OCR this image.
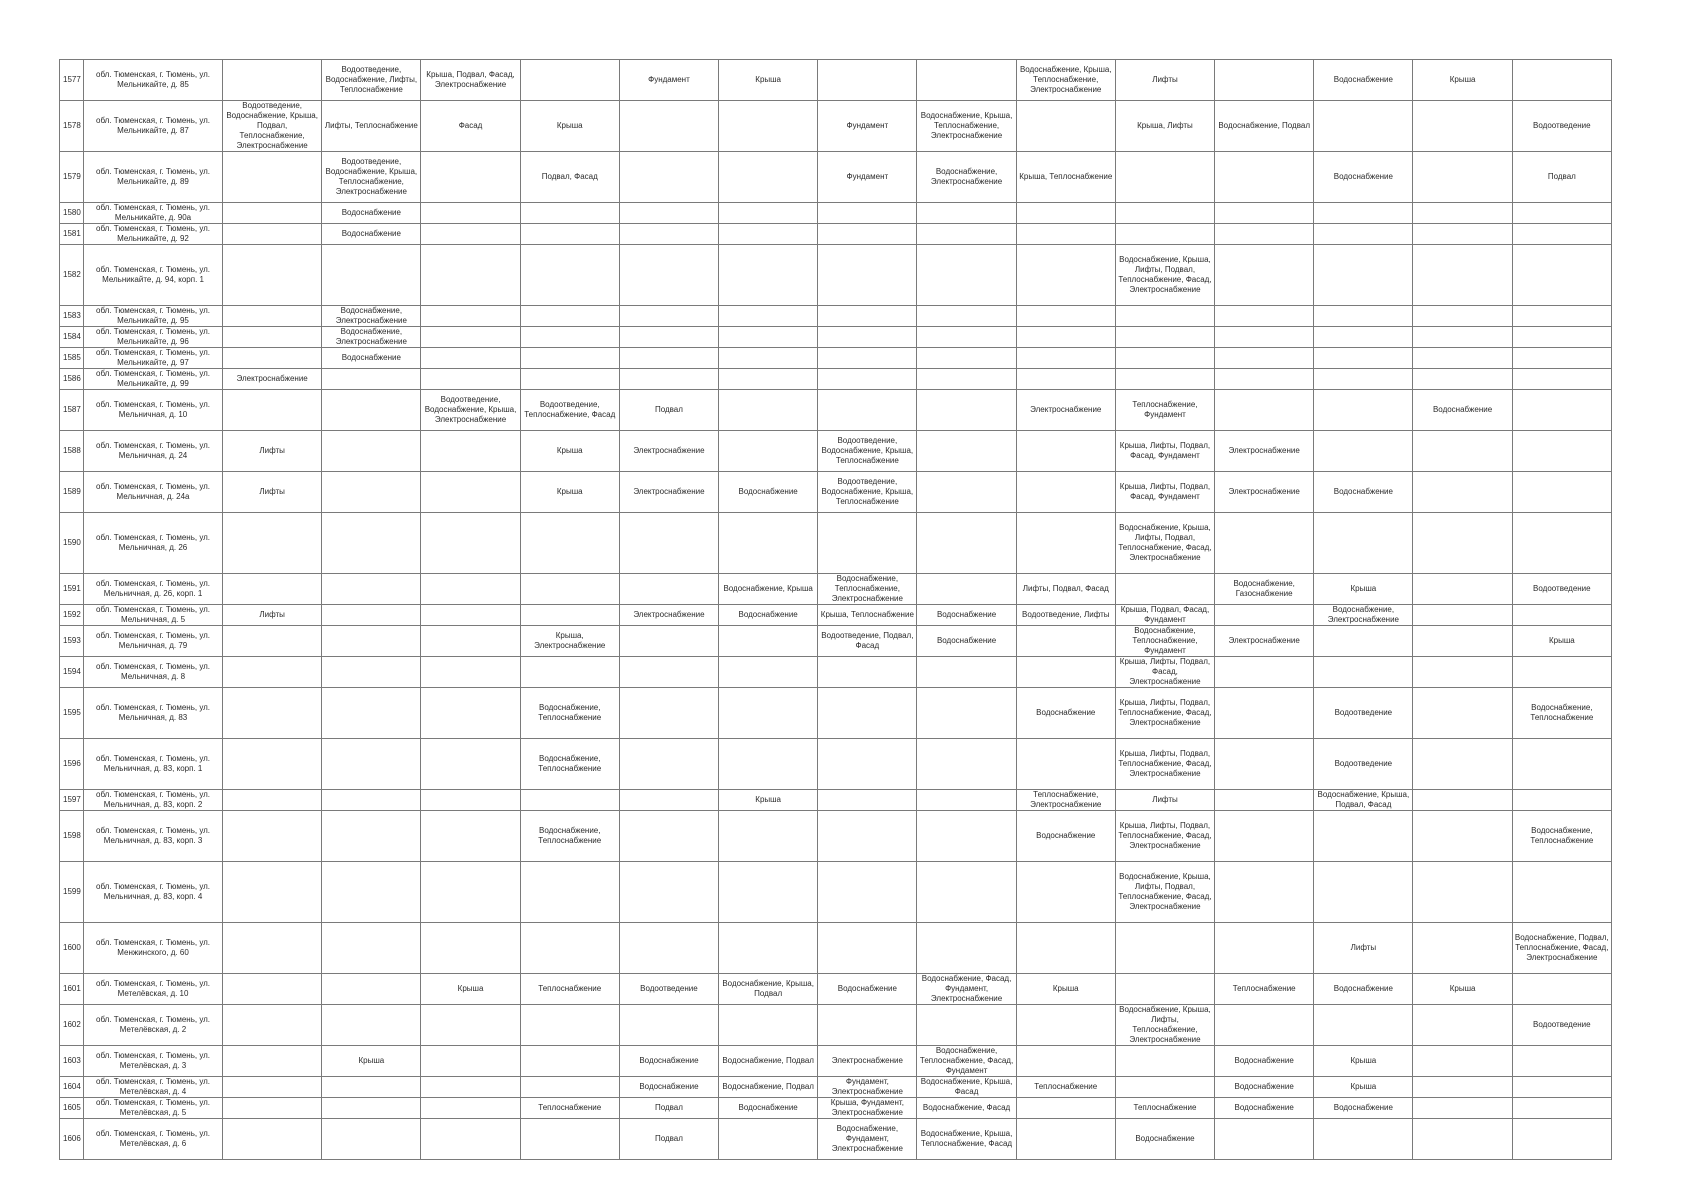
1577	обл. Тюменская, г. Тюмень, ул. Мельникайте, д. 85		Водоотведение, Водоснабжение, Лифты, Теплоснабжение	Крыша, Подвал, Фасад, Электроснабжение		Фундамент	Крыша			Водоснабжение, Крыша, Теплоснабжение, Электроснабжение	Лифты		Водоснабжение	Крыша	
1578	обл. Тюменская, г. Тюмень, ул. Мельникайте, д. 87	Водоотведение, Водоснабжение, Крыша, Подвал, Теплоснабжение, Электроснабжение	Лифты, Теплоснабжение	Фасад	Крыша			Фундамент	Водоснабжение, Крыша, Теплоснабжение, Электроснабжение		Крыша, Лифты	Водоснабжение, Подвал			Водоотведение
1579	обл. Тюменская, г. Тюмень, ул. Мельникайте, д. 89		Водоотведение, Водоснабжение, Крыша, Теплоснабжение, Электроснабжение		Подвал, Фасад			Фундамент	Водоснабжение, Электроснабжение	Крыша, Теплоснабжение			Водоснабжение		Подвал
1580	обл. Тюменская, г. Тюмень, ул. Мельникайте, д. 90а		Водоснабжение												
1581	обл. Тюменская, г. Тюмень, ул. Мельникайте, д. 92		Водоснабжение												
1582	обл. Тюменская, г. Тюмень, ул. Мельникайте, д. 94, корп. 1										Водоснабжение, Крыша, Лифты, Подвал, Теплоснабжение, Фасад, Электроснабжение				
1583	обл. Тюменская, г. Тюмень, ул. Мельникайте, д. 95		Водоснабжение, Электроснабжение												
1584	обл. Тюменская, г. Тюмень, ул. Мельникайте, д. 96		Водоснабжение, Электроснабжение												
1585	обл. Тюменская, г. Тюмень, ул. Мельникайте, д. 97		Водоснабжение												
1586	обл. Тюменская, г. Тюмень, ул. Мельникайте, д. 99	Электроснабжение													
1587	обл. Тюменская, г. Тюмень, ул. Мельничная, д. 10			Водоотведение, Водоснабжение, Крыша, Электроснабжение	Водоотведение, Теплоснабжение, Фасад	Подвал				Электроснабжение	Теплоснабжение, Фундамент			Водоснабжение	
1588	обл. Тюменская, г. Тюмень, ул. Мельничная, д. 24	Лифты			Крыша	Электроснабжение		Водоотведение, Водоснабжение, Крыша, Теплоснабжение			Крыша, Лифты, Подвал, Фасад, Фундамент	Электроснабжение			
1589	обл. Тюменская, г. Тюмень, ул. Мельничная, д. 24а	Лифты			Крыша	Электроснабжение	Водоснабжение	Водоотведение, Водоснабжение, Крыша, Теплоснабжение			Крыша, Лифты, Подвал, Фасад, Фундамент	Электроснабжение	Водоснабжение		
1590	обл. Тюменская, г. Тюмень, ул. Мельничная, д. 26										Водоснабжение, Крыша, Лифты, Подвал, Теплоснабжение, Фасад, Электроснабжение				
1591	обл. Тюменская, г. Тюмень, ул. Мельничная, д. 26, корп. 1						Водоснабжение, Крыша	Водоснабжение, Теплоснабжение, Электроснабжение		Лифты, Подвал, Фасад		Водоснабжение, Газоснабжение	Крыша		Водоотведение
1592	обл. Тюменская, г. Тюмень, ул. Мельничная, д. 5	Лифты				Электроснабжение	Водоснабжение	Крыша, Теплоснабжение	Водоснабжение	Водоотведение, Лифты	Крыша, Подвал, Фасад, Фундамент		Водоснабжение, Электроснабжение		
1593	обл. Тюменская, г. Тюмень, ул. Мельничная, д. 79				Крыша, Электроснабжение			Водоотведение, Подвал, Фасад	Водоснабжение		Водоснабжение, Теплоснабжение, Фундамент	Электроснабжение			Крыша
1594	обл. Тюменская, г. Тюмень, ул. Мельничная, д. 8										Крыша, Лифты, Подвал, Фасад, Электроснабжение				
1595	обл. Тюменская, г. Тюмень, ул. Мельничная, д. 83				Водоснабжение, Теплоснабжение					Водоснабжение	Крыша, Лифты, Подвал, Теплоснабжение, Фасад, Электроснабжение		Водоотведение		Водоснабжение, Теплоснабжение
1596	обл. Тюменская, г. Тюмень, ул. Мельничная, д. 83, корп. 1				Водоснабжение, Теплоснабжение						Крыша, Лифты, Подвал, Теплоснабжение, Фасад, Электроснабжение		Водоотведение		
1597	обл. Тюменская, г. Тюмень, ул. Мельничная, д. 83, корп. 2						Крыша			Теплоснабжение, Электроснабжение	Лифты		Водоснабжение, Крыша, Подвал, Фасад		
1598	обл. Тюменская, г. Тюмень, ул. Мельничная, д. 83, корп. 3				Водоснабжение, Теплоснабжение					Водоснабжение	Крыша, Лифты, Подвал, Теплоснабжение, Фасад, Электроснабжение				Водоснабжение, Теплоснабжение
1599	обл. Тюменская, г. Тюмень, ул. Мельничная, д. 83, корп. 4										Водоснабжение, Крыша, Лифты, Подвал, Теплоснабжение, Фасад, Электроснабжение				
1600	обл. Тюменская, г. Тюмень, ул. Менжинского, д. 60												Лифты		Водоснабжение, Подвал, Теплоснабжение, Фасад, Электроснабжение
1601	обл. Тюменская, г. Тюмень, ул. Метелёвская, д. 10			Крыша	Теплоснабжение	Водоотведение	Водоснабжение, Крыша, Подвал	Водоснабжение	Водоснабжение, Фасад, Фундамент, Электроснабжение	Крыша		Теплоснабжение	Водоснабжение	Крыша	
1602	обл. Тюменская, г. Тюмень, ул. Метелёвская, д. 2										Водоснабжение, Крыша, Лифты, Теплоснабжение, Электроснабжение				Водоотведение
1603	обл. Тюменская, г. Тюмень, ул. Метелёвская, д. 3		Крыша			Водоснабжение	Водоснабжение, Подвал	Электроснабжение	Водоснабжение, Теплоснабжение, Фасад, Фундамент			Водоснабжение	Крыша		
1604	обл. Тюменская, г. Тюмень, ул. Метелёвская, д. 4					Водоснабжение	Водоснабжение, Подвал	Фундамент, Электроснабжение	Водоснабжение, Крыша, Фасад	Теплоснабжение		Водоснабжение	Крыша		
1605	обл. Тюменская, г. Тюмень, ул. Метелёвская, д. 5				Теплоснабжение	Подвал	Водоснабжение	Крыша, Фундамент, Электроснабжение	Водоснабжение, Фасад		Теплоснабжение	Водоснабжение	Водоснабжение		
1606	обл. Тюменская, г. Тюмень, ул. Метелёвская, д. 6					Подвал		Водоснабжение, Фундамент, Электроснабжение	Водоснабжение, Крыша, Теплоснабжение, Фасад		Водоснабжение				
